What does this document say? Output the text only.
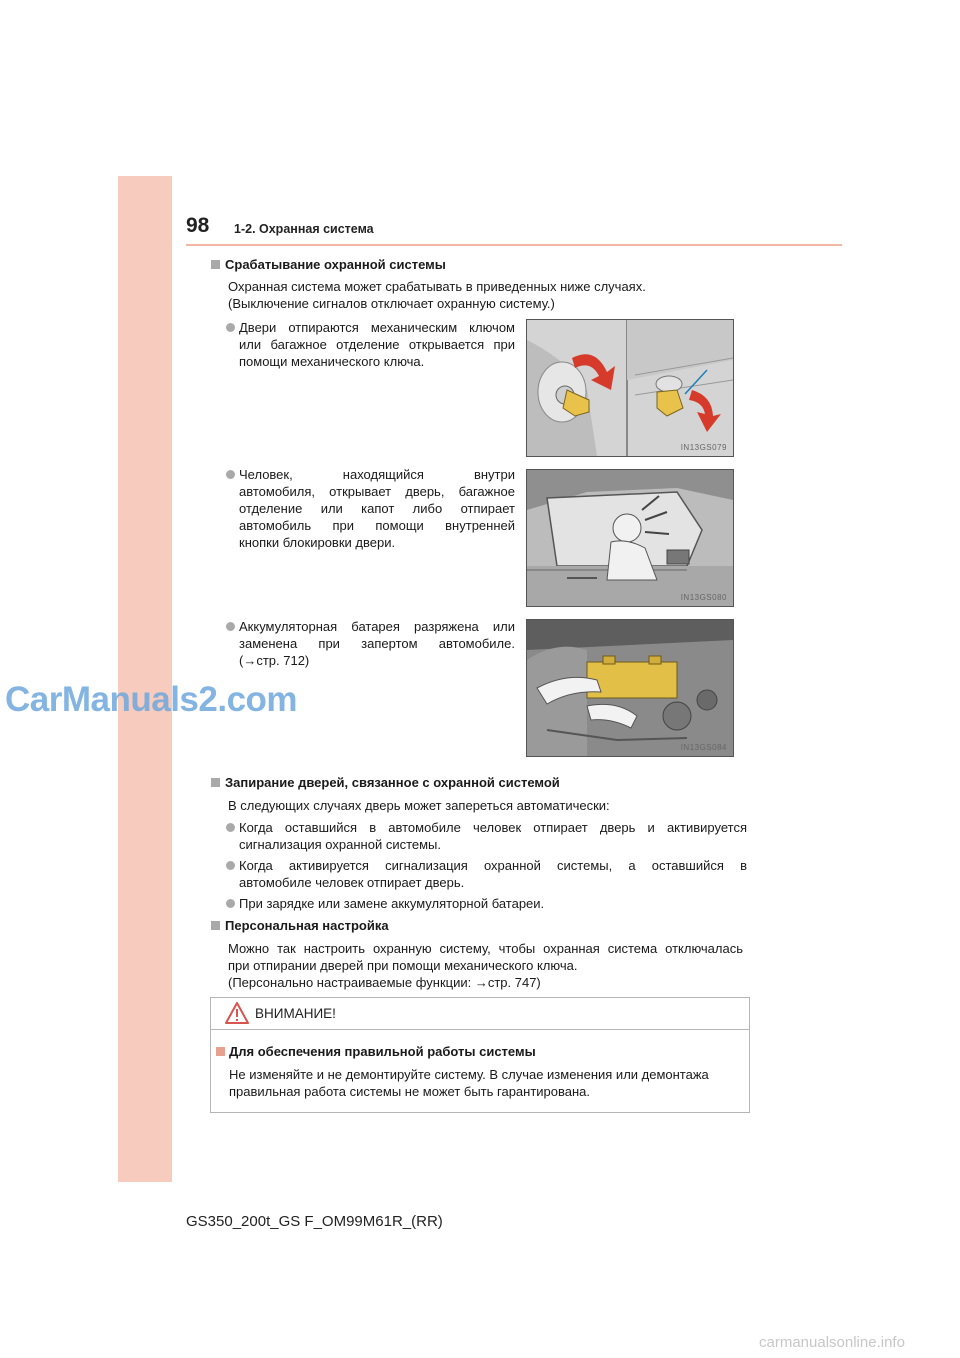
98 1-2. Охранная система
Срабатывание охранной системы
Охранная система может срабатывать в приведенных ниже случаях.
(Выключение сигналов отключает охранную систему.)
Двери отпираются механическим ключом
или багажное отделение открывается при
помощи механического ключа.
Человек, находящийся внутри
автомобиля, открывает дверь, багажное
отделение или капот либо отпирает
автомобиль при помощи внутренней
кнопки блокировки двери.
Аккумуляторная батарея разряжена или
заменена при запертом автомобиле.
(→стр. 712)
IN13GS079
IN13GS080
IN13GS084
CarManuals2.com
Запирание дверей, связанное с охранной системой
В следующих случаях дверь может запереться автоматически:
Когда оставшийся в автомобиле человек отпирает дверь и активируется
сигнализация охранной системы.
Когда активируется сигнализация охранной системы, а оставшийся в
автомобиле человек отпирает дверь.
При зарядке или замене аккумуляторной батареи.
Персональная настройка
Можно так настроить охранную систему, чтобы охранная система отключалась
при отпирании дверей при помощи механического ключа.
(Персонально настраиваемые функции: →стр. 747)
ВНИМАНИЕ!
Для обеспечения правильной работы системы
Не изменяйте и не демонтируйте систему. В случае изменения или демонтажа
правильная работа системы не может быть гарантирована.
GS350_200t_GS F_OM99M61R_(RR)
carmanualsonline.info
